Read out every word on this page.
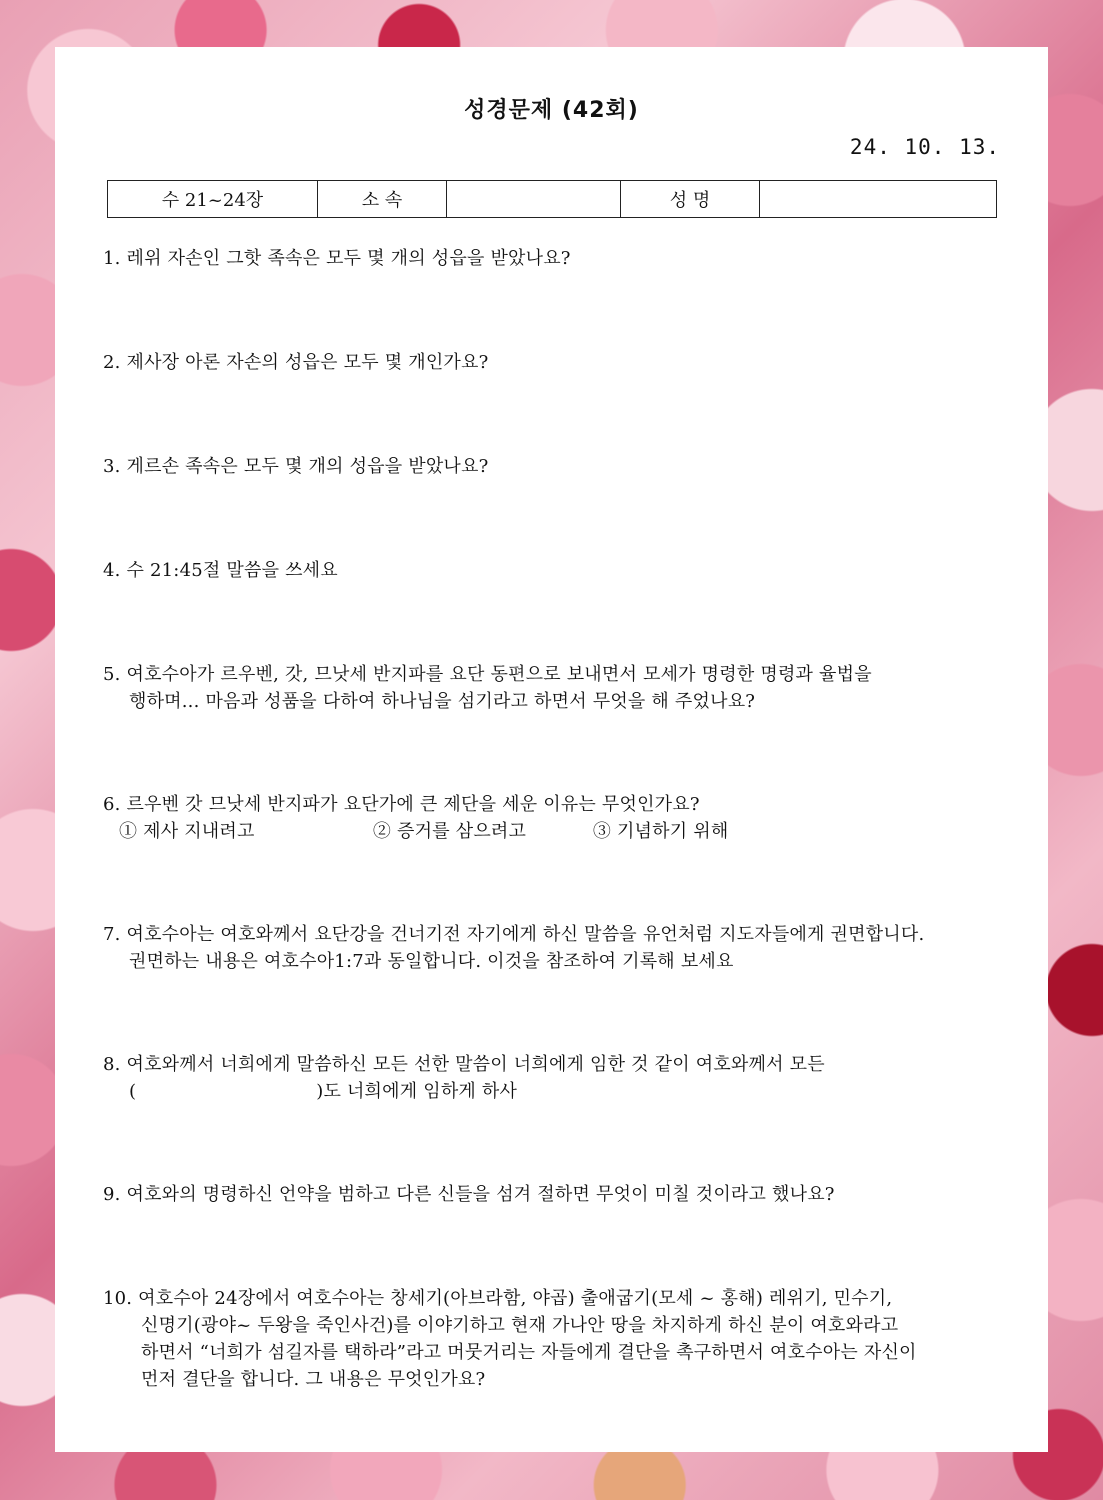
성경문제 (42회)
24. 10. 13.
수 21~24장	소 속		성 명	
1. 레위 자손인 그핫 족속은 모두 몇 개의 성읍을 받았나요?
2. 제사장 아론 자손의 성읍은 모두 몇 개인가요?
3. 게르손 족속은 모두 몇 개의 성읍을 받았나요?
4. 수 21:45절 말씀을 쓰세요
5. 여호수아가 르우벤, 갓, 므낫세 반지파를 요단 동편으로 보내면서 모세가 명령한 명령과 율법을
행하며... 마음과 성품을 다하여 하나님을 섬기라고 하면서 무엇을 해 주었나요?
6. 르우벤 갓 므낫세 반지파가 요단가에 큰 제단을 세운 이유는 무엇인가요?
① 제사 지내려고	② 증거를 삼으려고	③ 기념하기 위해
7. 여호수아는 여호와께서 요단강을 건너기전 자기에게 하신 말씀을 유언처럼 지도자들에게 권면합니다.
권면하는 내용은 여호수아1:7과 동일합니다. 이것을 참조하여 기록해 보세요
8. 여호와께서 너희에게 말씀하신 모든 선한 말씀이 너희에게 임한 것 같이 여호와께서 모든
(	)도 너희에게 임하게 하사
9. 여호와의 명령하신 언약을 범하고 다른 신들을 섬겨 절하면 무엇이 미칠 것이라고 했나요?
10. 여호수아 24장에서 여호수아는 창세기(아브라함, 야곱) 출애굽기(모세 ~ 홍해) 레위기, 민수기,
신명기(광야~ 두왕을 죽인사건)를 이야기하고 현재 가나안 땅을 차지하게 하신 분이 여호와라고
하면서 “너희가 섬길자를 택하라”라고 머뭇거리는 자들에게 결단을 촉구하면서 여호수아는 자신이
먼저 결단을 합니다. 그 내용은 무엇인가요?
